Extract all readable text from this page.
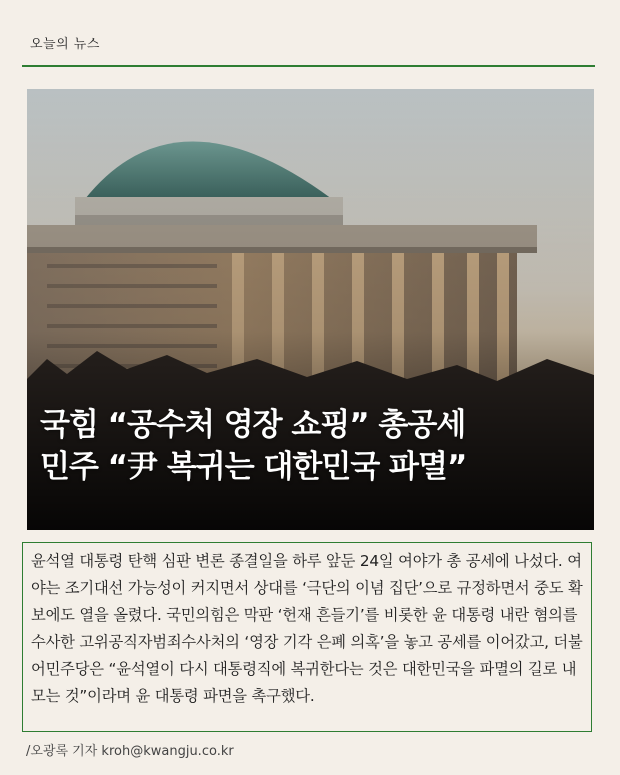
오늘의 뉴스
국힘 “공수처 영장 쇼핑” 총공세
민주 “尹 복귀는 대한민국 파멸”
윤석열 대통령 탄핵 심판 변론 종결일을 하루 앞둔 24일 여야가 총 공세에 나섰다. 여야는 조기대선 가능성이 커지면서 상대를 ‘극단의 이념 집단’으로 규정하면서 중도 확보에도 열을 올렸다. 국민의힘은 막판 ‘헌재 흔들기’를 비롯한 윤 대통령 내란 혐의를 수사한 고위공직자범죄수사처의 ‘영장 기각 은폐 의혹’을 놓고 공세를 이어갔고, 더불어민주당은 “윤석열이 다시 대통령직에 복귀한다는 것은 대한민국을 파멸의 길로 내모는 것”이라며 윤 대통령 파면을 촉구했다.
/오광록 기자 kroh@kwangju.co.kr
